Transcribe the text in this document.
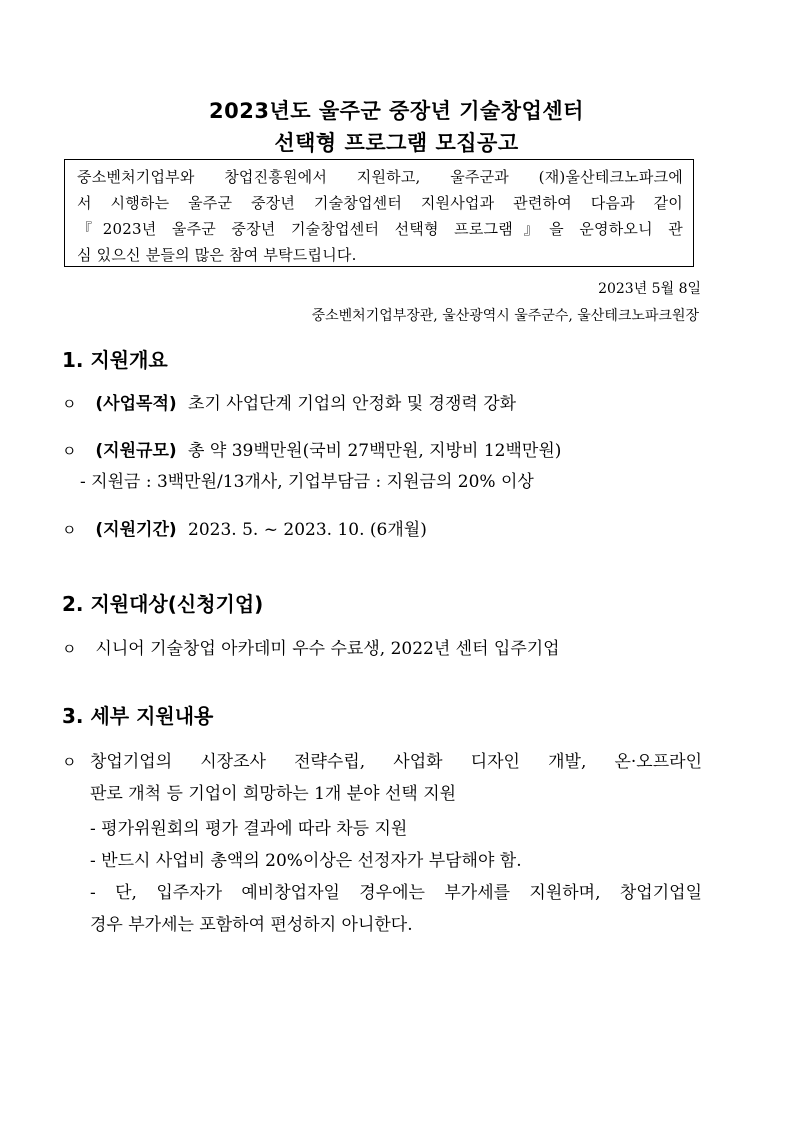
2023년도 울주군 중장년 기술창업센터
선택형 프로그램 모집공고
중소벤처기업부와 창업진흥원에서 지원하고, 울주군과 (재)울산테크노파크에
서 시행하는 울주군 중장년 기술창업센터 지원사업과 관련하여 다음과 같이
『2023년 울주군 중장년 기술창업센터 선택형 프로그램』을 운영하오니 관
심 있으신 분들의 많은 참여 부탁드립니다.
2023년 5월 8일
중소벤처기업부장관, 울산광역시 울주군수, 울산테크노파크원장
1. 지원개요
ㅇ (사업목적) 초기 사업단계 기업의 안정화 및 경쟁력 강화
ㅇ (지원규모) 총 약 39백만원(국비 27백만원, 지방비 12백만원)
- 지원금 : 3백만원/13개사, 기업부담금 : 지원금의 20% 이상
ㅇ (지원기간) 2023. 5. ~ 2023. 10. (6개월)
2. 지원대상(신청기업)
ㅇ 시니어 기술창업 아카데미 우수 수료생, 2022년 센터 입주기업
3. 세부 지원내용
ㅇ 창업기업의 시장조사 전략수립, 사업화 디자인 개발, 온·오프라인
판로 개척 등 기업이 희망하는 1개 분야 선택 지원
- 평가위원회의 평가 결과에 따라 차등 지원
- 반드시 사업비 총액의 20%이상은 선정자가 부담해야 함.
- 단, 입주자가 예비창업자일 경우에는 부가세를 지원하며, 창업기업일
경우 부가세는 포함하여 편성하지 아니한다.
